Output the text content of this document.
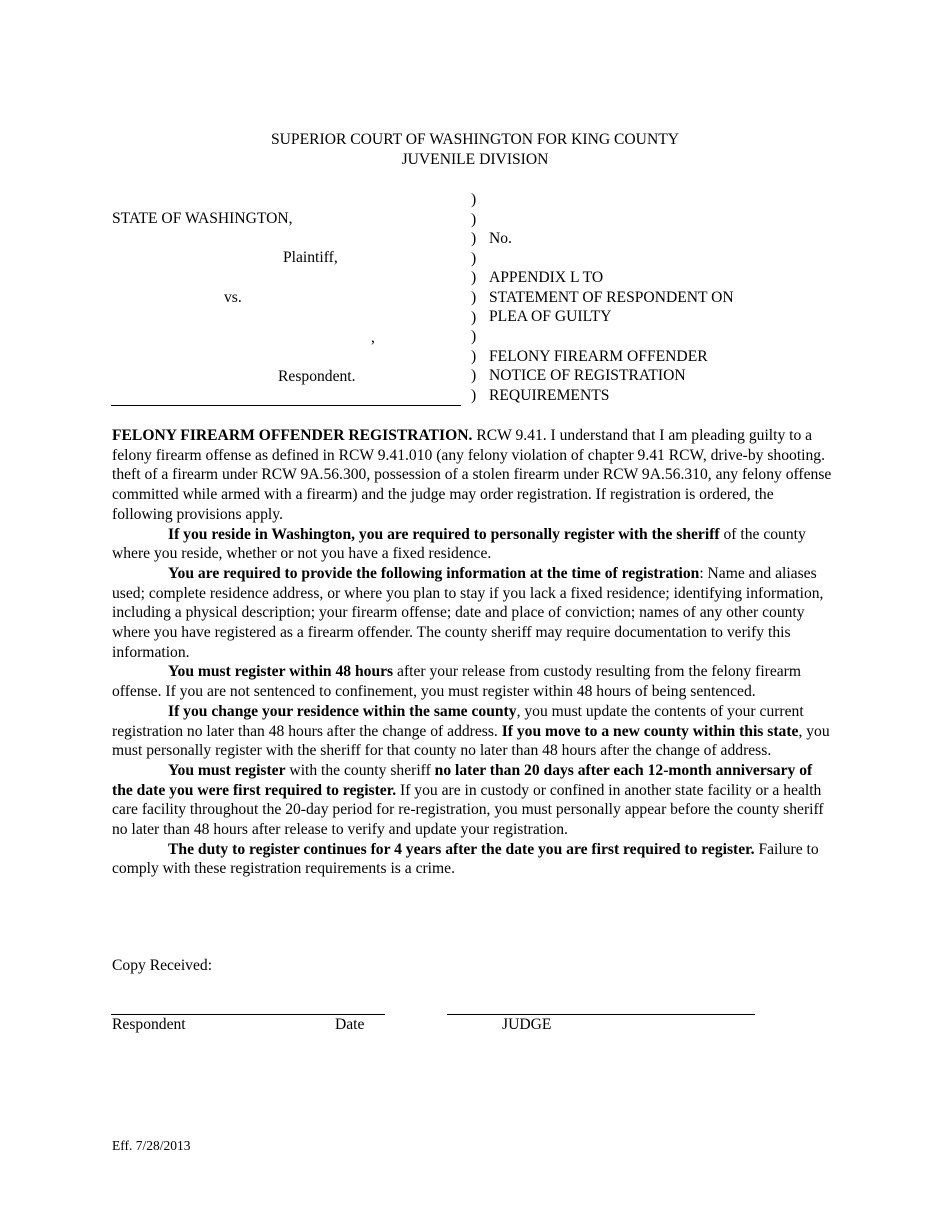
SUPERIOR COURT OF WASHINGTON FOR KING COUNTY
JUVENILE DIVISION
STATE OF WASHINGTON,
Plaintiff,
vs.
,
Respondent.
)
)
)
)
)
)
)
)
)
)
)
No.

APPENDIX L TO
STATEMENT OF RESPONDENT ON
PLEA OF GUILTY

FELONY FIREARM OFFENDER
NOTICE OF REGISTRATION
REQUIREMENTS

FELONY FIREARM OFFENDER REGISTRATION. RCW 9.41. I understand that I am pleading guilty to a felony firearm offense as defined in RCW 9.41.010 (any felony violation of chapter 9.41 RCW, drive-by shooting. theft of a firearm under RCW 9A.56.300, possession of a stolen firearm under RCW 9A.56.310, any felony offense committed while armed with a firearm) and the judge may order registration. If registration is ordered, the following provisions apply.

If you reside in Washington, you are required to personally register with the sheriff of the county where you reside, whether or not you have a fixed residence.

You are required to provide the following information at the time of registration: Name and aliases used; complete residence address, or where you plan to stay if you lack a fixed residence; identifying information, including a physical description; your firearm offense; date and place of conviction; names of any other county where you have registered as a firearm offender. The county sheriff may require documentation to verify this information.

You must register within 48 hours after your release from custody resulting from the felony firearm offense. If you are not sentenced to confinement, you must register within 48 hours of being sentenced.

If you change your residence within the same county, you must update the contents of your current registration no later than 48 hours after the change of address. If you move to a new county within this state, you must personally register with the sheriff for that county no later than 48 hours after the change of address.

You must register with the county sheriff no later than 20 days after each 12-month anniversary of the date you were first required to register. If you are in custody or confined in another state facility or a health care facility throughout the 20-day period for re-registration, you must personally appear before the county sheriff no later than 48 hours after release to verify and update your registration.

The duty to register continues for 4 years after the date you are first required to register. Failure to comply with these registration requirements is a crime.

Copy Received:
Respondent	Date	JUDGE
Eff. 7/28/2013
